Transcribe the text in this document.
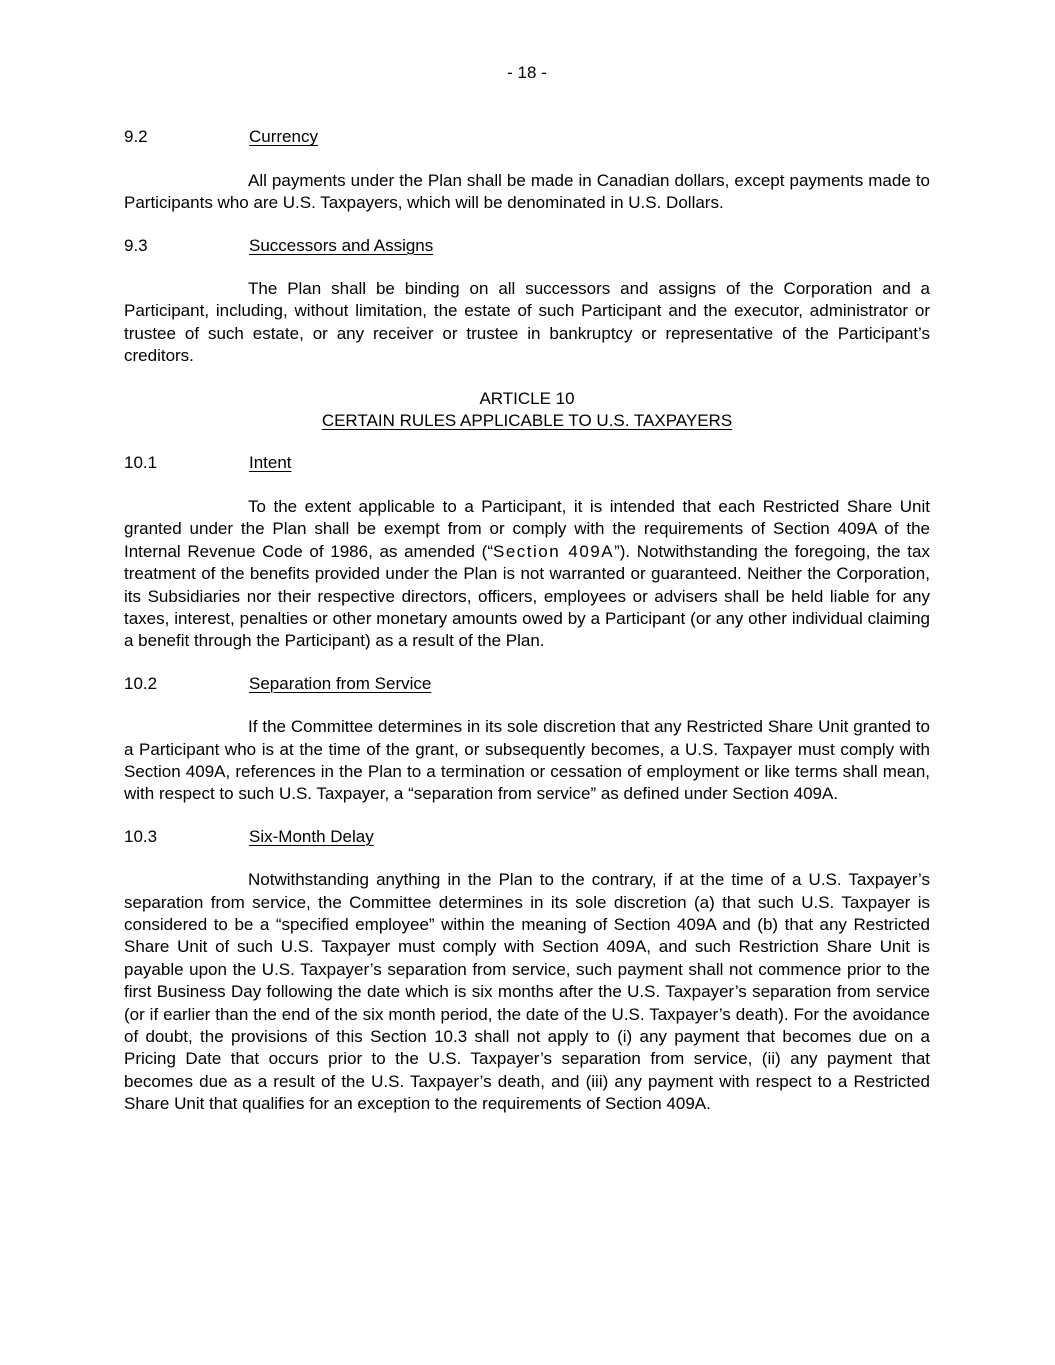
- 18 -
9.2	Currency

All payments under the Plan shall be made in Canadian dollars, except payments made to Participants who are U.S. Taxpayers, which will be denominated in U.S. Dollars.

9.3	Successors and Assigns

The Plan shall be binding on all successors and assigns of the Corporation and a Participant, including, without limitation, the estate of such Participant and the executor, administrator or trustee of such estate, or any receiver or trustee in bankruptcy or representative of the Participant’s creditors.

ARTICLE 10
CERTAIN RULES APPLICABLE TO U.S. TAXPAYERS
10.1	Intent

To the extent applicable to a Participant, it is intended that each Restricted Share Unit granted under the Plan shall be exempt from or comply with the requirements of Section 409A of the Internal Revenue Code of 1986, as amended (“Section 409A”). Notwithstanding the foregoing, the tax treatment of the benefits provided under the Plan is not warranted or guaranteed. Neither the Corporation, its Subsidiaries nor their respective directors, officers, employees or advisers shall be held liable for any taxes, interest, penalties or other monetary amounts owed by a Participant (or any other individual claiming a benefit through the Participant) as a result of the Plan.

10.2	Separation from Service

If the Committee determines in its sole discretion that any Restricted Share Unit granted to a Participant who is at the time of the grant, or subsequently becomes, a U.S. Taxpayer must comply with Section 409A, references in the Plan to a termination or cessation of employment or like terms shall mean, with respect to such U.S. Taxpayer, a “separation from service” as defined under Section 409A.

10.3	Six-Month Delay

Notwithstanding anything in the Plan to the contrary, if at the time of a U.S. Taxpayer’s separation from service, the Committee determines in its sole discretion (a) that such U.S. Taxpayer is considered to be a “specified employee” within the meaning of Section 409A and (b) that any Restricted Share Unit of such U.S. Taxpayer must comply with Section 409A, and such Restriction Share Unit is payable upon the U.S. Taxpayer’s separation from service, such payment shall not commence prior to the first Business Day following the date which is six months after the U.S. Taxpayer’s separation from service (or if earlier than the end of the six month period, the date of the U.S. Taxpayer’s death). For the avoidance of doubt, the provisions of this Section 10.3 shall not apply to (i) any payment that becomes due on a Pricing Date that occurs prior to the U.S. Taxpayer’s separation from service, (ii) any payment that becomes due as a result of the U.S. Taxpayer’s death, and (iii) any payment with respect to a Restricted Share Unit that qualifies for an exception to the requirements of Section 409A.
